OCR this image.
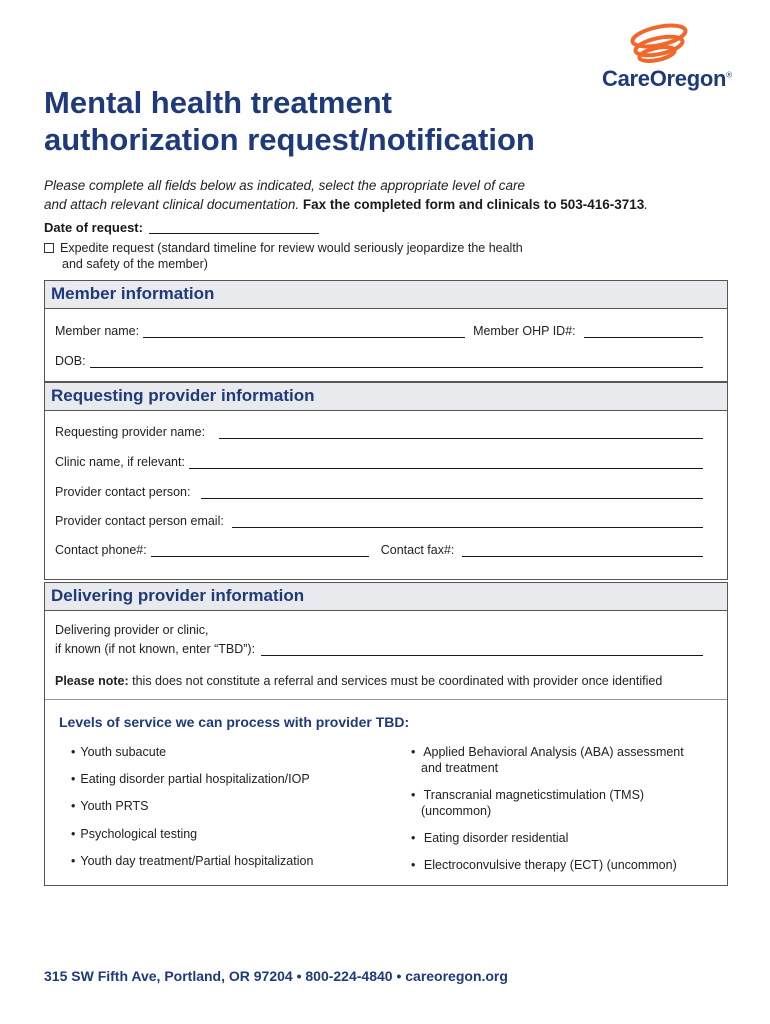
CareOregon®
Mental health treatment
authorization request/notification
Please complete all fields below as indicated, select the appropriate level of care
and attach relevant clinical documentation. Fax the completed form and clinicals to 503-416-3713.
Date of request:
Expedite request (standard timeline for review would seriously jeopardize the health
and safety of the member)
Member information
Member name:	Member OHP ID#:
DOB:
Requesting provider information
Requesting provider name:
Clinic name, if relevant:
Provider contact person:
Provider contact person email:
Contact phone#:	Contact fax#:
Delivering provider information
Delivering provider or clinic,
if known (if not known, enter “TBD”):
Please note: this does not constitute a referral and services must be coordinated with provider once identified
Levels of service we can process with provider TBD:
• Youth subacute
• Eating disorder partial hospitalization/IOP
• Youth PRTS
• Psychological testing
• Youth day treatment/Partial hospitalization
• Applied Behavioral Analysis (ABA) assessment
and treatment
• Transcranial magneticstimulation (TMS)
(uncommon)
• Eating disorder residential
• Electroconvulsive therapy (ECT) (uncommon)
315 SW Fifth Ave, Portland, OR 97204 • 800-224-4840 • careoregon.org
